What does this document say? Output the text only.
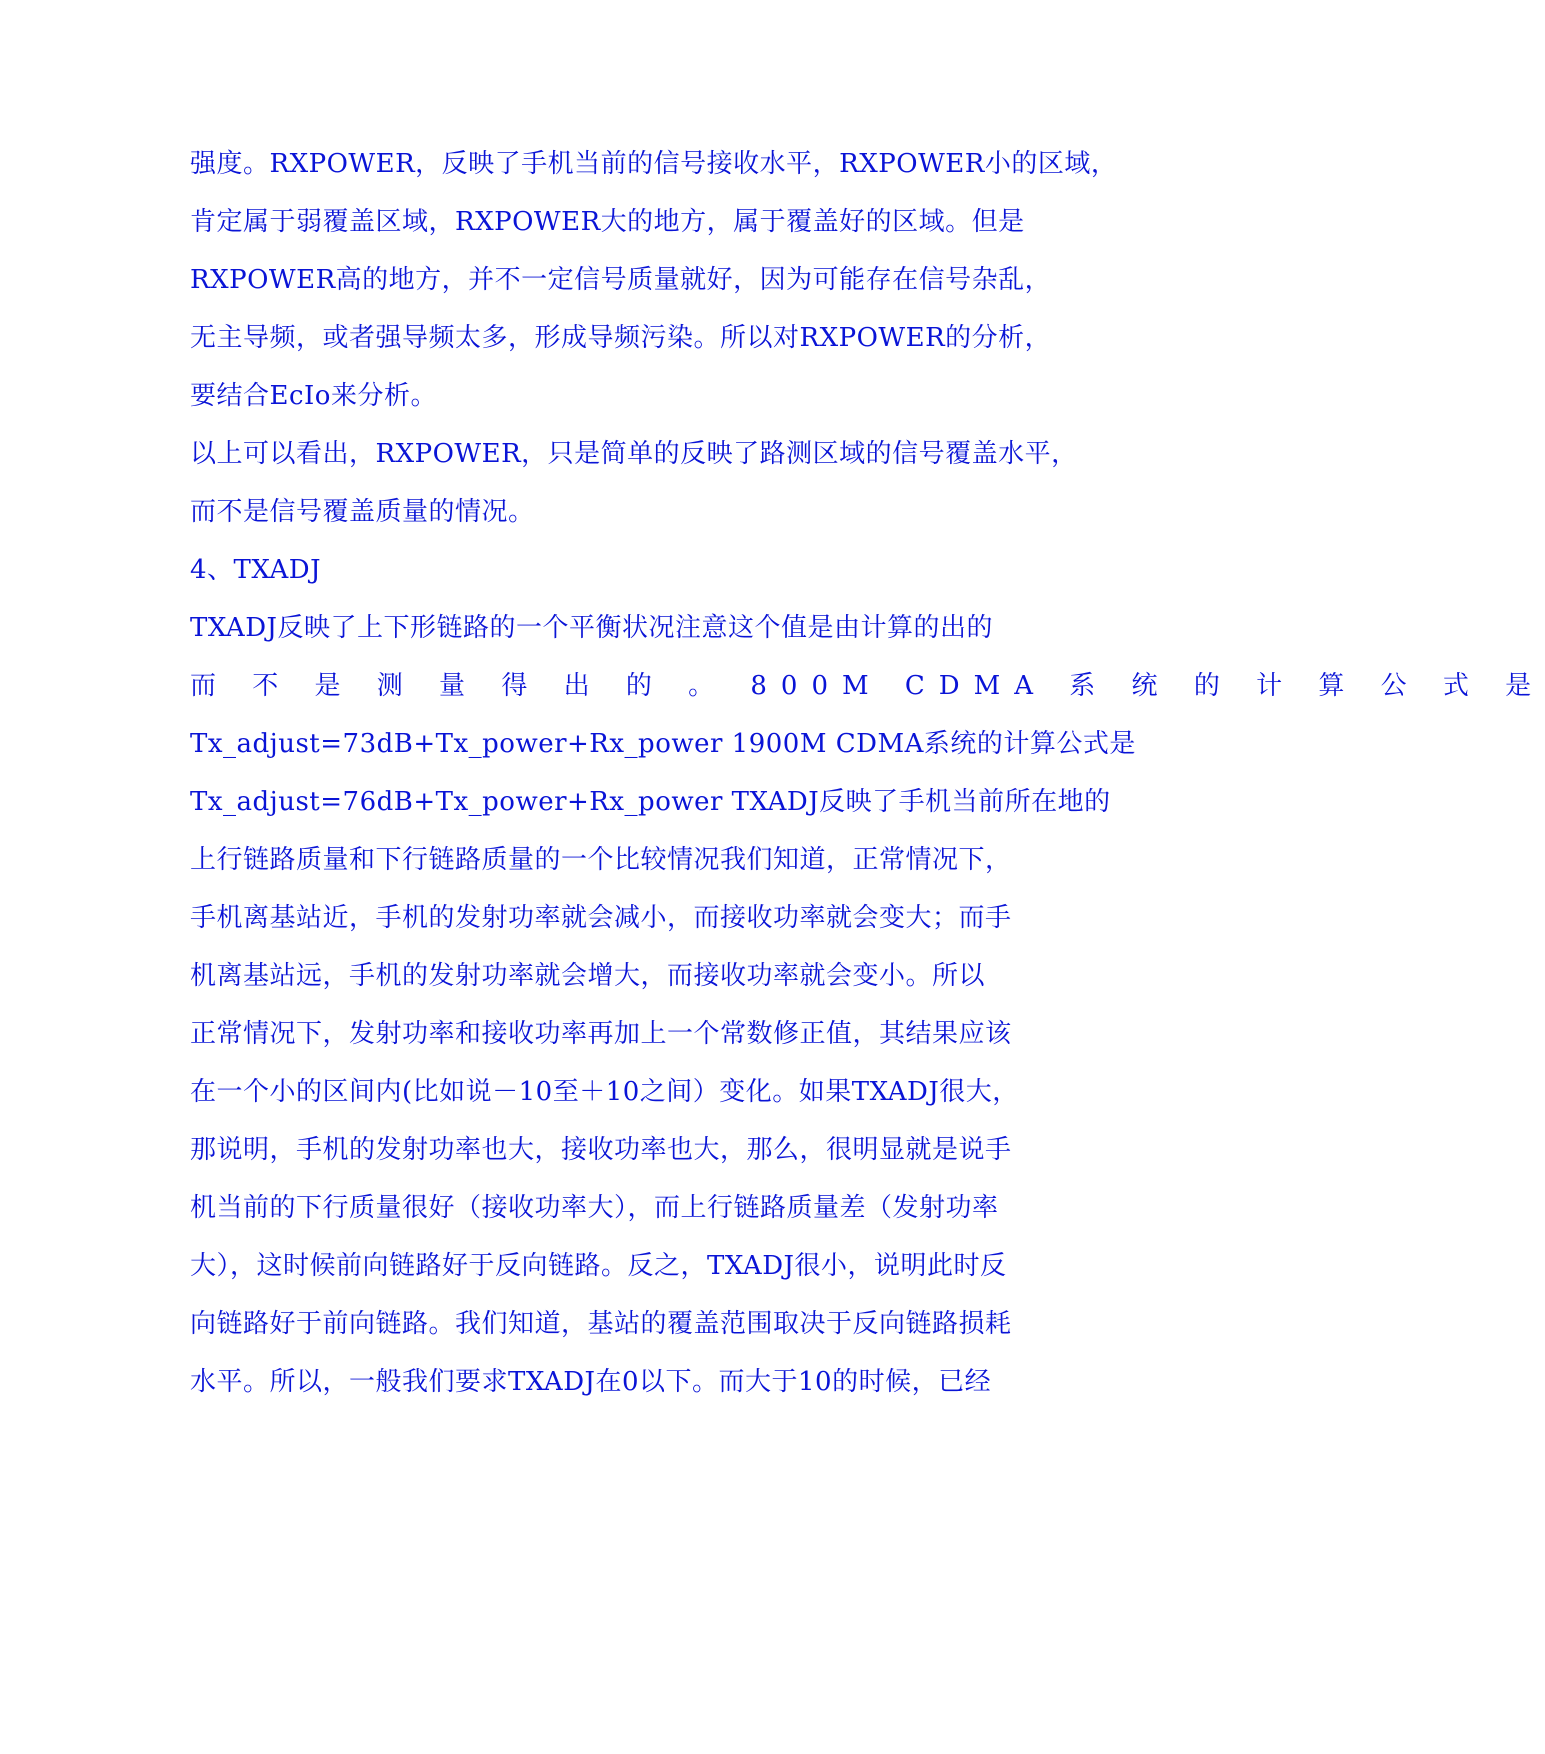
强度。RXPOWER，反映了手机当前的信号接收水平，RXPOWER小的区域，
肯定属于弱覆盖区域，RXPOWER大的地方，属于覆盖好的区域。但是
RXPOWER高的地方，并不一定信号质量就好，因为可能存在信号杂乱，
无主导频，或者强导频太多，形成导频污染。所以对RXPOWER的分析，
要结合EcIo来分析。
以上可以看出，RXPOWER，只是简单的反映了路测区域的信号覆盖水平，
而不是信号覆盖质量的情况。
4、TXADJ
TXADJ反映了上下形链路的一个平衡状况注意这个值是由计算的出的
而 不 是 测 量 得 出 的 。 800M CDMA 系 统 的 计 算 公 式 是
Tx_adjust=73dB+Tx_power+Rx_power 1900M CDMA系统的计算公式是
Tx_adjust=76dB+Tx_power+Rx_power TXADJ反映了手机当前所在地的
上行链路质量和下行链路质量的一个比较情况我们知道，正常情况下，
手机离基站近，手机的发射功率就会减小，而接收功率就会变大；而手
机离基站远，手机的发射功率就会增大，而接收功率就会变小。所以
正常情况下，发射功率和接收功率再加上一个常数修正值，其结果应该
在一个小的区间内(比如说－10至＋10之间）变化。如果TXADJ很大，
那说明，手机的发射功率也大，接收功率也大，那么，很明显就是说手
机当前的下行质量很好（接收功率大），而上行链路质量差（发射功率
大），这时候前向链路好于反向链路。反之，TXADJ很小，说明此时反
向链路好于前向链路。我们知道，基站的覆盖范围取决于反向链路损耗
水平。所以，一般我们要求TXADJ在0以下。而大于10的时候，已经
